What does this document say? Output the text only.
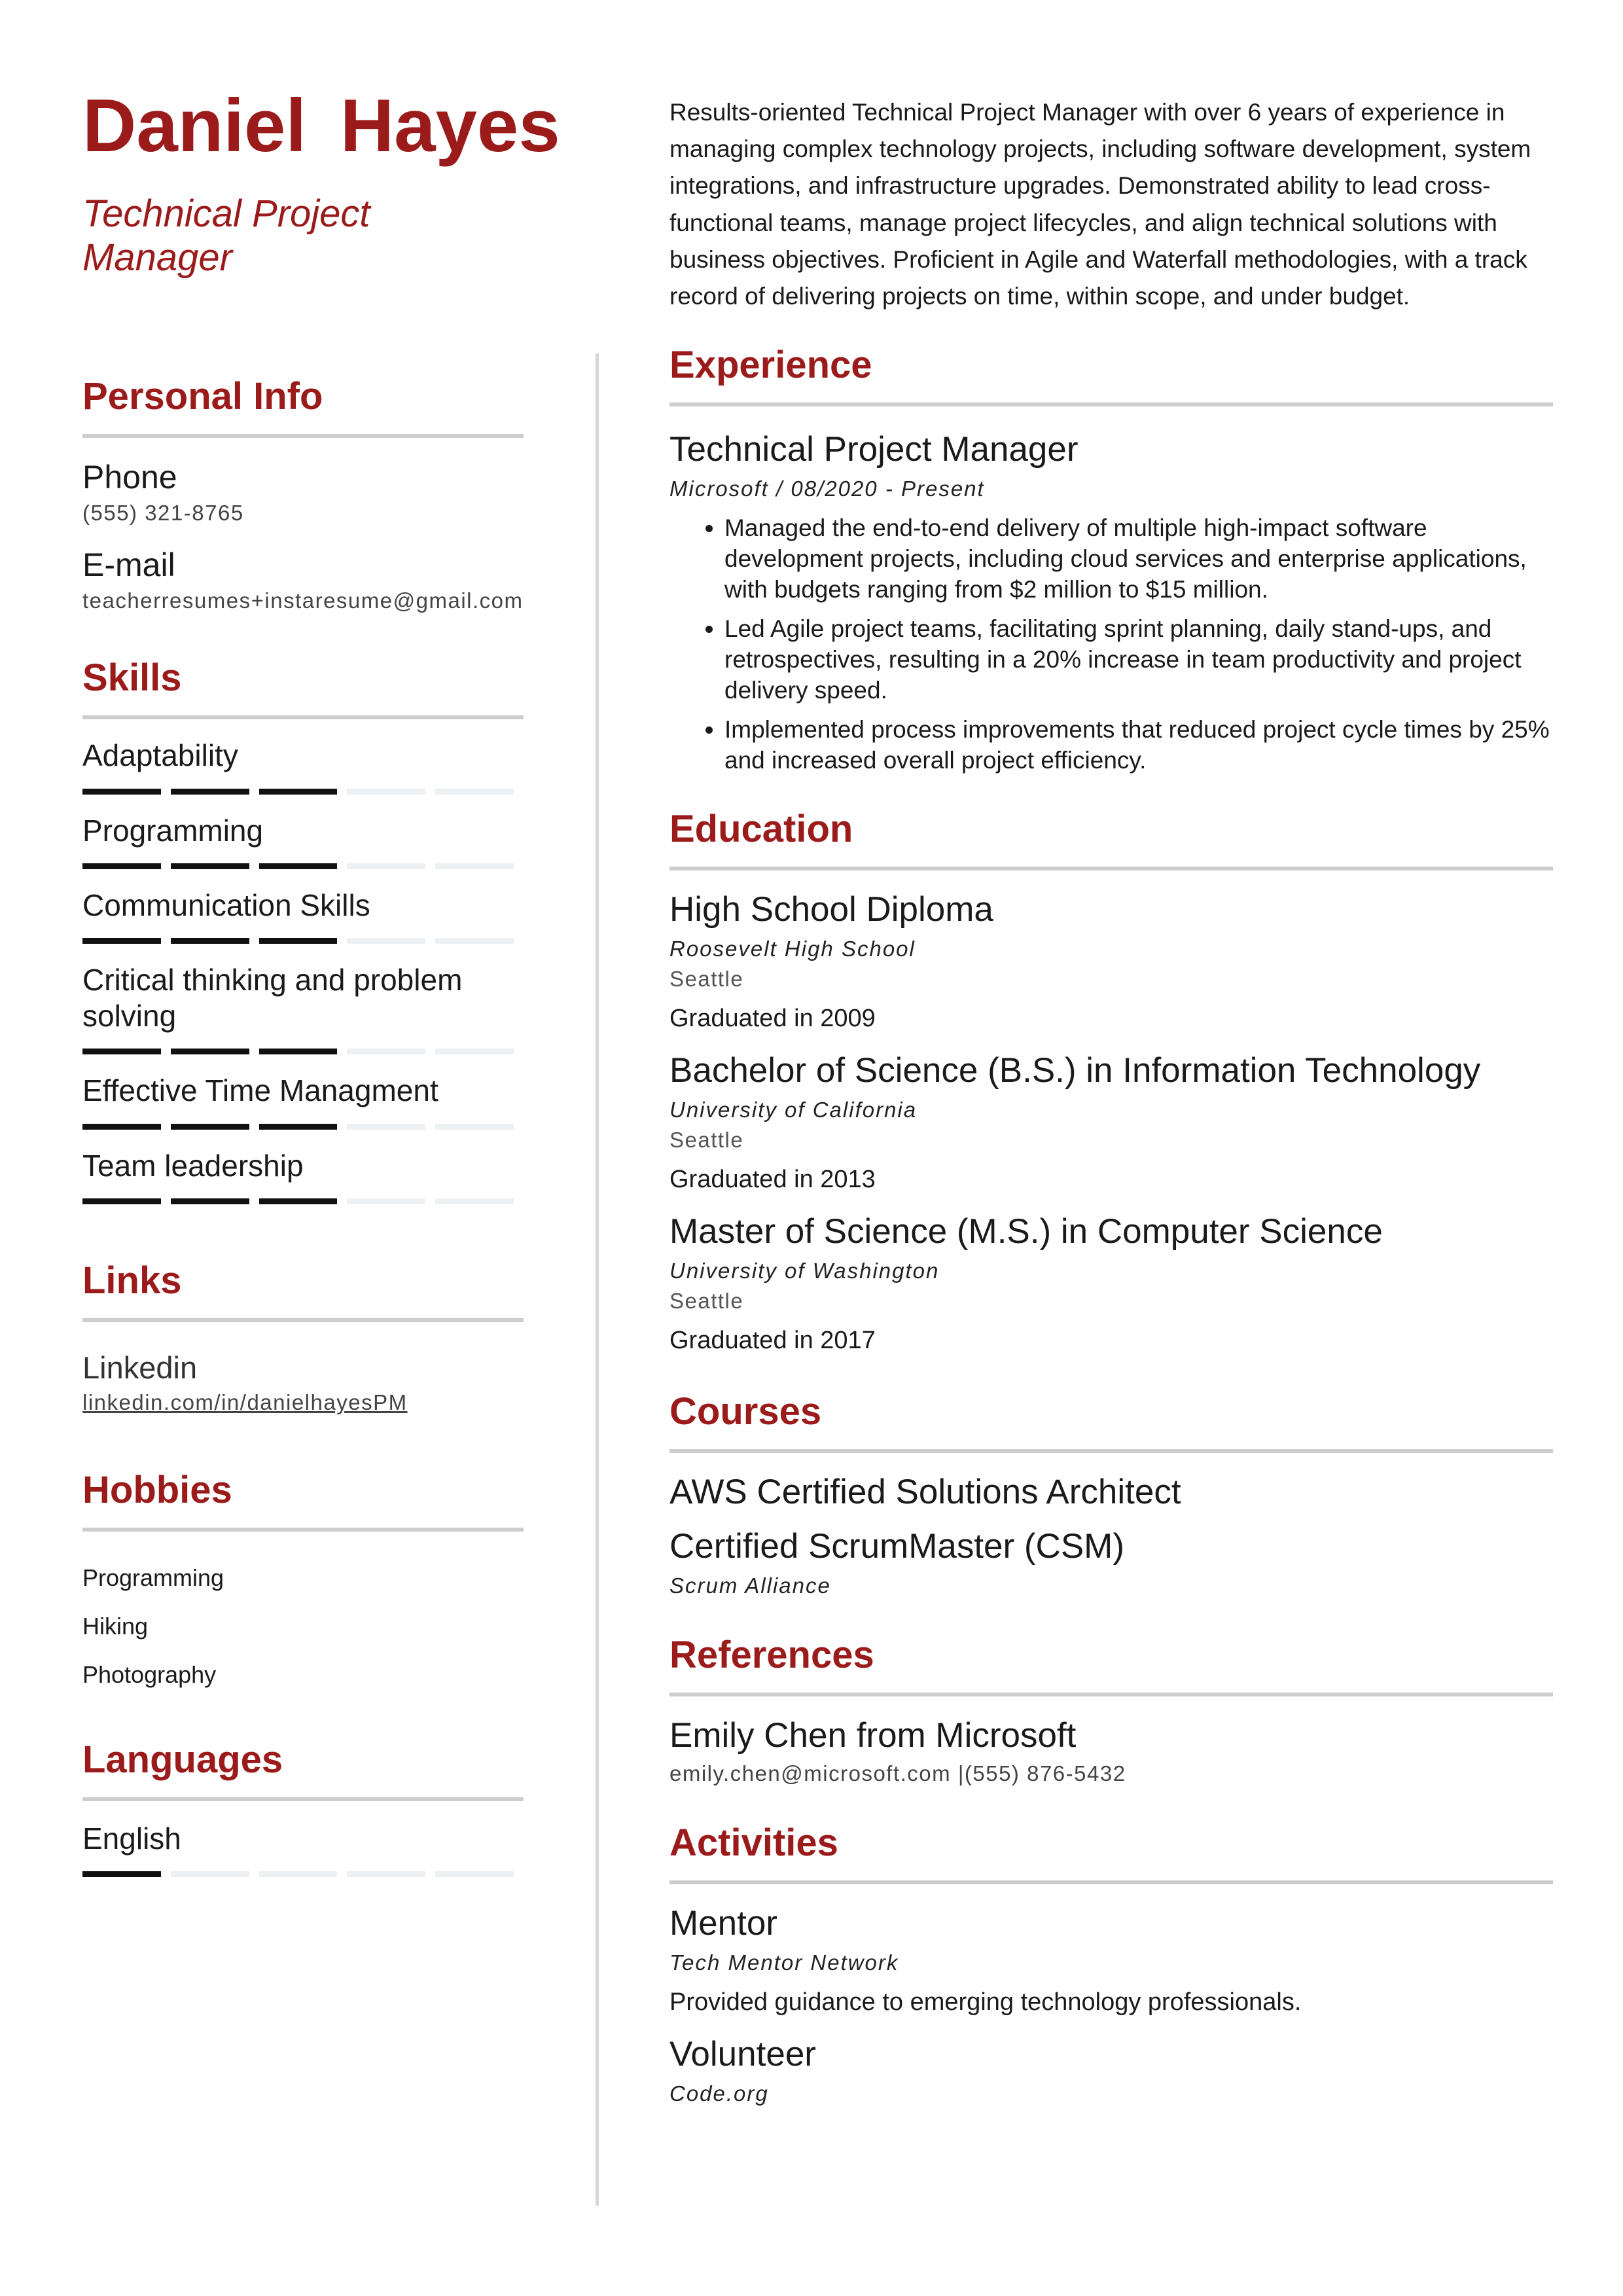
Daniel Hayes
Technical Project Manager
Personal Info
Phone
(555) 321-8765
E-mail
teacherresumes+instaresume@gmail.com
Skills
Adaptability
Programming
Communication Skills
Critical thinking and problem solving
Effective Time Managment
Team leadership
Links
Linkedin
linkedin.com/in/danielhayesPM
Hobbies
Programming
Hiking
Photography
Languages
English

Results-oriented Technical Project Manager with over 6 years of experience in managing complex technology projects, including software development, system integrations, and infrastructure upgrades. Demonstrated ability to lead cross-functional teams, manage project lifecycles, and align technical solutions with business objectives. Proficient in Agile and Waterfall methodologies, with a track record of delivering projects on time, within scope, and under budget.

Experience
Technical Project Manager
Microsoft / 08/2020 - Present
• Managed the end-to-end delivery of multiple high-impact software development projects, including cloud services and enterprise applications, with budgets ranging from $2 million to $15 million.
• Led Agile project teams, facilitating sprint planning, daily stand-ups, and retrospectives, resulting in a 20% increase in team productivity and project delivery speed.
• Implemented process improvements that reduced project cycle times by 25% and increased overall project efficiency.
Education
High School Diploma
Roosevelt High School
Seattle
Graduated in 2009
Bachelor of Science (B.S.) in Information Technology
University of California
Seattle
Graduated in 2013
Master of Science (M.S.) in Computer Science
University of Washington
Seattle
Graduated in 2017
Courses
AWS Certified Solutions Architect
Certified ScrumMaster (CSM)
Scrum Alliance
References
Emily Chen from Microsoft
emily.chen@microsoft.com |(555) 876-5432
Activities
Mentor
Tech Mentor Network
Provided guidance to emerging technology professionals.
Volunteer
Code.org
